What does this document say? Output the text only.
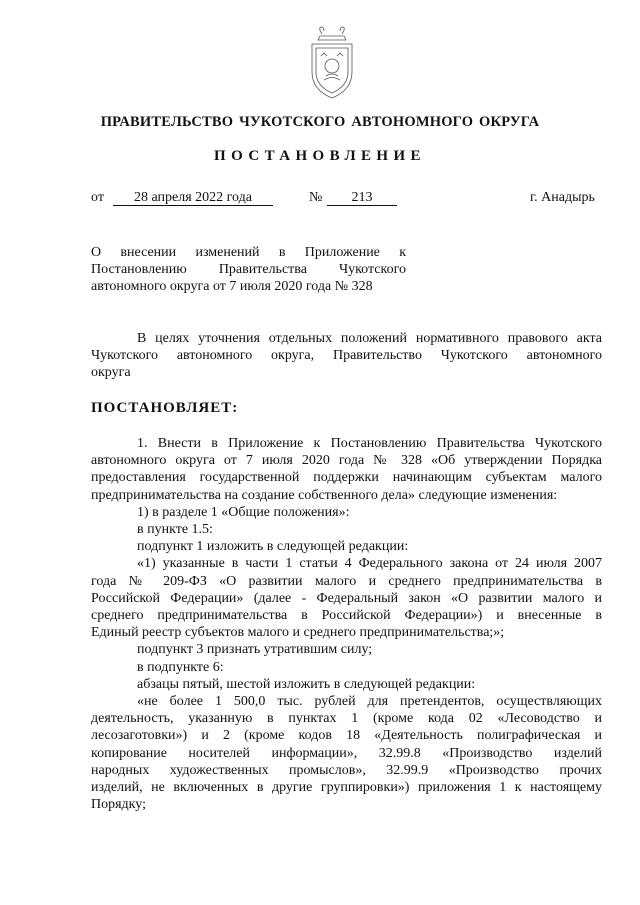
ПРАВИТЕЛЬСТВО ЧУКОТСКОГО АВТОНОМНОГО ОКРУГА
ПОСТАНОВЛЕНИЕ
от	28 апреля 2022 года	№	213	г. Анадырь
О внесении изменений в Приложение к
Постановлению Правительства Чукотского
автономного округа от 7 июля 2020 года № 328
В целях уточнения отдельных положений нормативного правового акта
Чукотского автономного округа, Правительство Чукотского автономного
округа
ПОСТАНОВЛЯЕТ:
1. Внести в Приложение к Постановлению Правительства Чукотского
автономного округа от 7 июля 2020 года № 328 «Об утверждении Порядка
предоставления государственной поддержки начинающим субъектам малого
предпринимательства на создание собственного дела» следующие изменения:
1) в разделе 1 «Общие положения»:
в пункте 1.5:
подпункт 1 изложить в следующей редакции:
«1) указанные в части 1 статьи 4 Федерального закона от 24 июля 2007
года № 209-ФЗ «О развитии малого и среднего предпринимательства в
Российской Федерации» (далее - Федеральный закон «О развитии малого и
среднего предпринимательства в Российской Федерации») и внесенные в
Единый реестр субъектов малого и среднего предпринимательства;»;
подпункт 3 признать утратившим силу;
в подпункте 6:
абзацы пятый, шестой изложить в следующей редакции:
«не более 1 500,0 тыс. рублей для претендентов, осуществляющих
деятельность, указанную в пунктах 1 (кроме кода 02 «Лесоводство и
лесозаготовки») и 2 (кроме кодов 18 «Деятельность полиграфическая и
копирование носителей информации», 32.99.8 «Производство изделий
народных художественных промыслов», 32.99.9 «Производство прочих
изделий, не включенных в другие группировки») приложения 1 к настоящему
Порядку;
